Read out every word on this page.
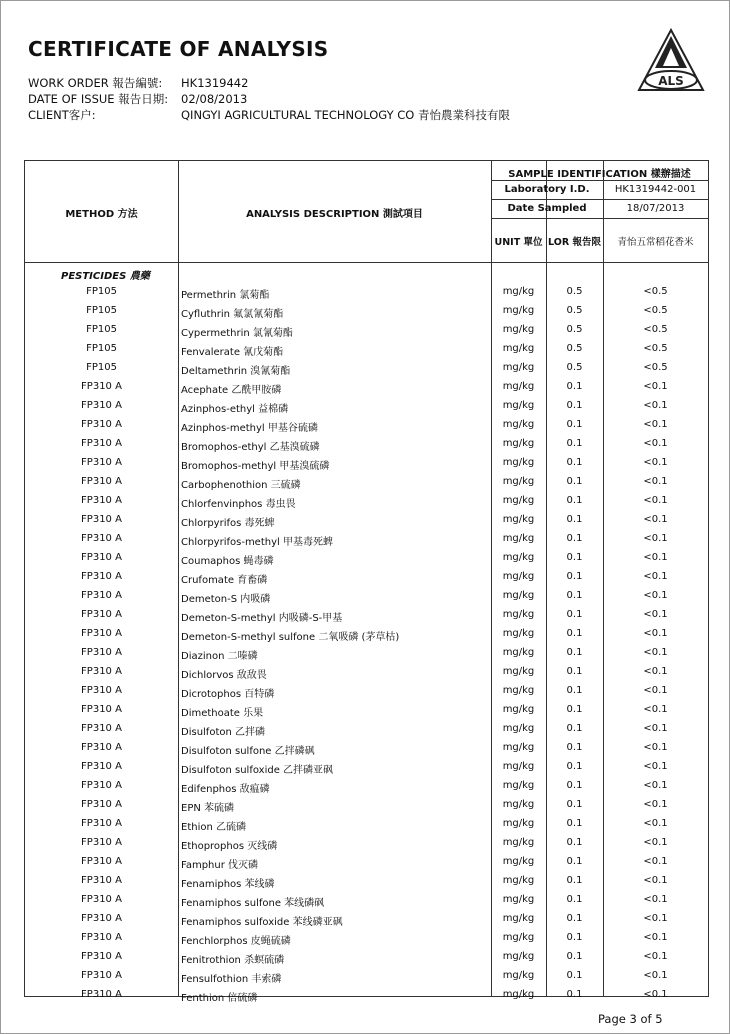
CERTIFICATE OF ANALYSIS
WORK ORDER 報告編號: HK1319442
DATE OF ISSUE 報告日期: 02/08/2013
CLIENT客户:	QINGYI AGRICULTURAL TECHNOLOGY CO 青怡農業科技有限
ALS
METHOD 方法	ANALYSIS DESCRIPTION 測試項目
SAMPLE IDENTIFICATION 樣辦描述
Laboratory I.D.	HK1319442-001
Date Sampled	18/07/2013
UNIT 單位 LOR 報告限	青怡五常稻花香米
PESTICIDES 農藥
FP105	Permethrin 氯菊酯	mg/kg	0.5	<0.5
FP105	Cyfluthrin 氟氯氰菊酯	mg/kg	0.5	<0.5
FP105	Cypermethrin 氯氰菊酯	mg/kg	0.5	<0.5
FP105	Fenvalerate 氰戊菊酯	mg/kg	0.5	<0.5
FP105	Deltamethrin 溴氰菊酯	mg/kg	0.5	<0.5
FP310 A	Acephate 乙酰甲胺磷	mg/kg	0.1	<0.1
FP310 A	Azinphos-ethyl 益棉磷	mg/kg	0.1	<0.1
FP310 A	Azinphos-methyl 甲基谷硫磷	mg/kg	0.1	<0.1
FP310 A	Bromophos-ethyl 乙基溴硫磷	mg/kg	0.1	<0.1
FP310 A	Bromophos-methyl 甲基溴硫磷	mg/kg	0.1	<0.1
FP310 A	Carbophenothion 三硫磷	mg/kg	0.1	<0.1
FP310 A	Chlorfenvinphos 毒虫畏	mg/kg	0.1	<0.1
FP310 A	Chlorpyrifos 毒死蜱	mg/kg	0.1	<0.1
FP310 A	Chlorpyrifos-methyl 甲基毒死蜱	mg/kg	0.1	<0.1
FP310 A	Coumaphos 蝇毒磷	mg/kg	0.1	<0.1
FP310 A	Crufomate 育畜磷	mg/kg	0.1	<0.1
FP310 A	Demeton-S 内吸磷	mg/kg	0.1	<0.1
FP310 A	Demeton-S-methyl 内吸磷-S-甲基	mg/kg	0.1	<0.1
FP310 A	Demeton-S-methyl sulfone 二氧吸磷 (茅草枯)	mg/kg	0.1	<0.1
FP310 A	Diazinon 二嗪磷	mg/kg	0.1	<0.1
FP310 A	Dichlorvos 敌敌畏	mg/kg	0.1	<0.1
FP310 A	Dicrotophos 百特磷	mg/kg	0.1	<0.1
FP310 A	Dimethoate 乐果	mg/kg	0.1	<0.1
FP310 A	Disulfoton 乙拌磷	mg/kg	0.1	<0.1
FP310 A	Disulfoton sulfone 乙拌磷砜	mg/kg	0.1	<0.1
FP310 A	Disulfoton sulfoxide 乙拌磷亚砜	mg/kg	0.1	<0.1
FP310 A	Edifenphos 敌瘟磷	mg/kg	0.1	<0.1
FP310 A	EPN 苯硫磷	mg/kg	0.1	<0.1
FP310 A	Ethion 乙硫磷	mg/kg	0.1	<0.1
FP310 A	Ethoprophos 灭线磷	mg/kg	0.1	<0.1
FP310 A	Famphur 伐灭磷	mg/kg	0.1	<0.1
FP310 A	Fenamiphos 苯线磷	mg/kg	0.1	<0.1
FP310 A	Fenamiphos sulfone 苯线磷砜	mg/kg	0.1	<0.1
FP310 A	Fenamiphos sulfoxide 苯线磷亚砜	mg/kg	0.1	<0.1
FP310 A	Fenchlorphos 皮蝇硫磷	mg/kg	0.1	<0.1
FP310 A	Fenitrothion 杀螟硫磷	mg/kg	0.1	<0.1
FP310 A	Fensulfothion 丰索磷	mg/kg	0.1	<0.1
FP310 A	Fenthion 倍硫磷	mg/kg	0.1	<0.1
Page 3 of 5
